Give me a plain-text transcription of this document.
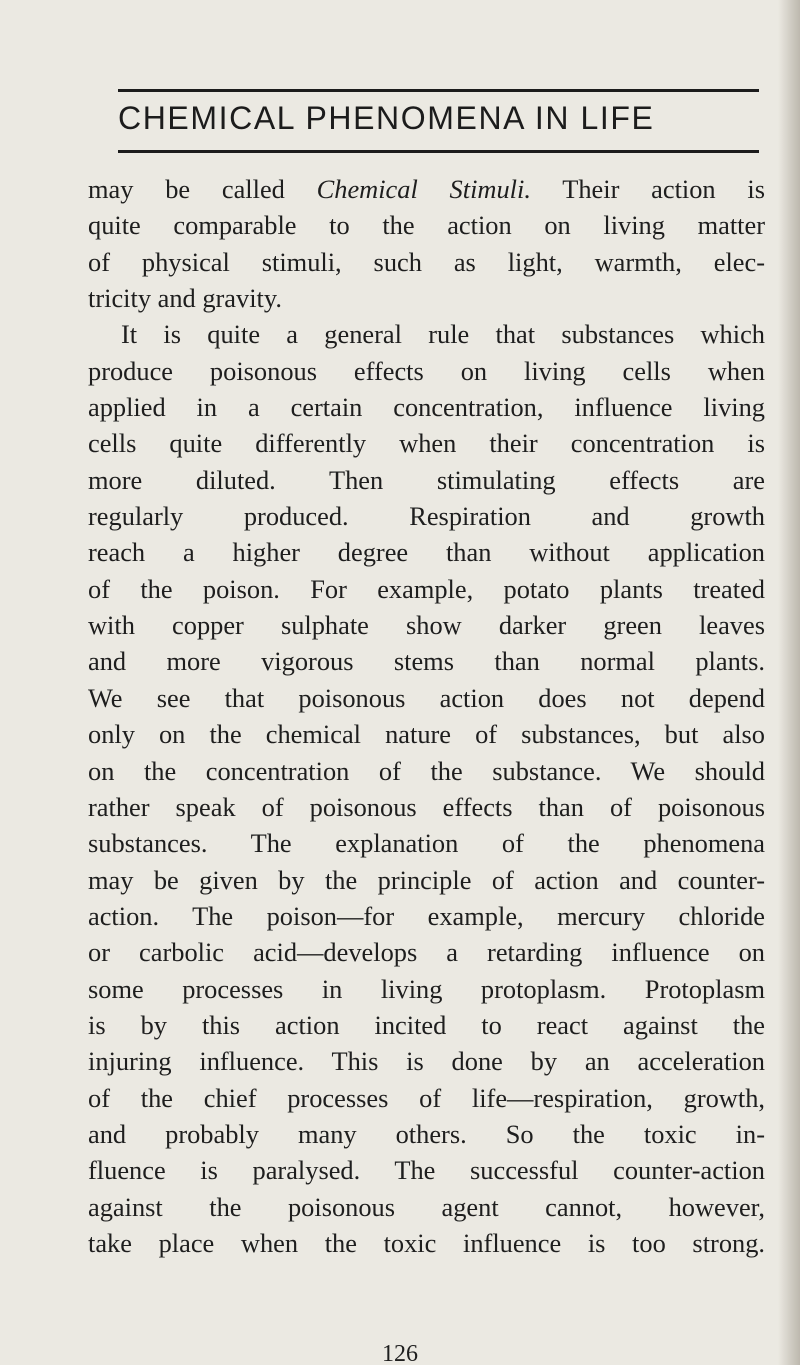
CHEMICAL PHENOMENA IN LIFE
may be called Chemical Stimuli. Their action is
quite comparable to the action on living matter
of physical stimuli, such as light, warmth, elec-
tricity and gravity.
It is quite a general rule that substances which
produce poisonous effects on living cells when
applied in a certain concentration, influence living
cells quite differently when their concentration is
more diluted. Then stimulating effects are
regularly produced. Respiration and growth
reach a higher degree than without application
of the poison. For example, potato plants treated
with copper sulphate show darker green leaves
and more vigorous stems than normal plants.
We see that poisonous action does not depend
only on the chemical nature of substances, but also
on the concentration of the substance. We should
rather speak of poisonous effects than of poisonous
substances. The explanation of the phenomena
may be given by the principle of action and counter-
action. The poison—for example, mercury chloride
or carbolic acid—develops a retarding influence on
some processes in living protoplasm. Protoplasm
is by this action incited to react against the
injuring influence. This is done by an acceleration
of the chief processes of life—respiration, growth,
and probably many others. So the toxic in-
fluence is paralysed. The successful counter-action
against the poisonous agent cannot, however,
take place when the toxic influence is too strong.
126
